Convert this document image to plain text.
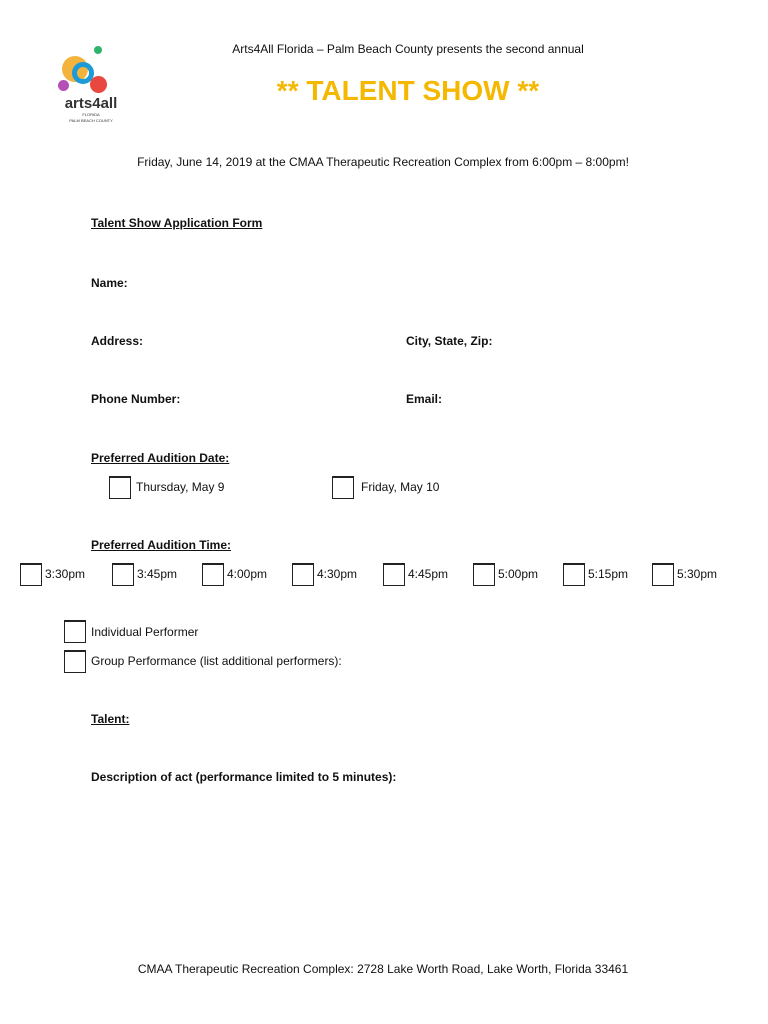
arts4all
FLORIDA
PALM BEACH COUNTY
Arts4All Florida – Palm Beach County presents the second annual
** TALENT SHOW **
Friday, June 14, 2019 at the CMAA Therapeutic Recreation Complex from 6:00pm – 8:00pm!
Talent Show Application Form
Name:
Address:	City, State, Zip:
Phone Number:	Email:
Preferred Audition Date:
Thursday, May 9	Friday, May 10
Preferred Audition Time:
3:30pm	3:45pm	4:00pm	4:30pm	4:45pm	5:00pm	5:15pm	5:30pm
Individual Performer
Group Performance (list additional performers):
Talent:
Description of act (performance limited to 5 minutes):
CMAA Therapeutic Recreation Complex: 2728 Lake Worth Road, Lake Worth, Florida 33461
